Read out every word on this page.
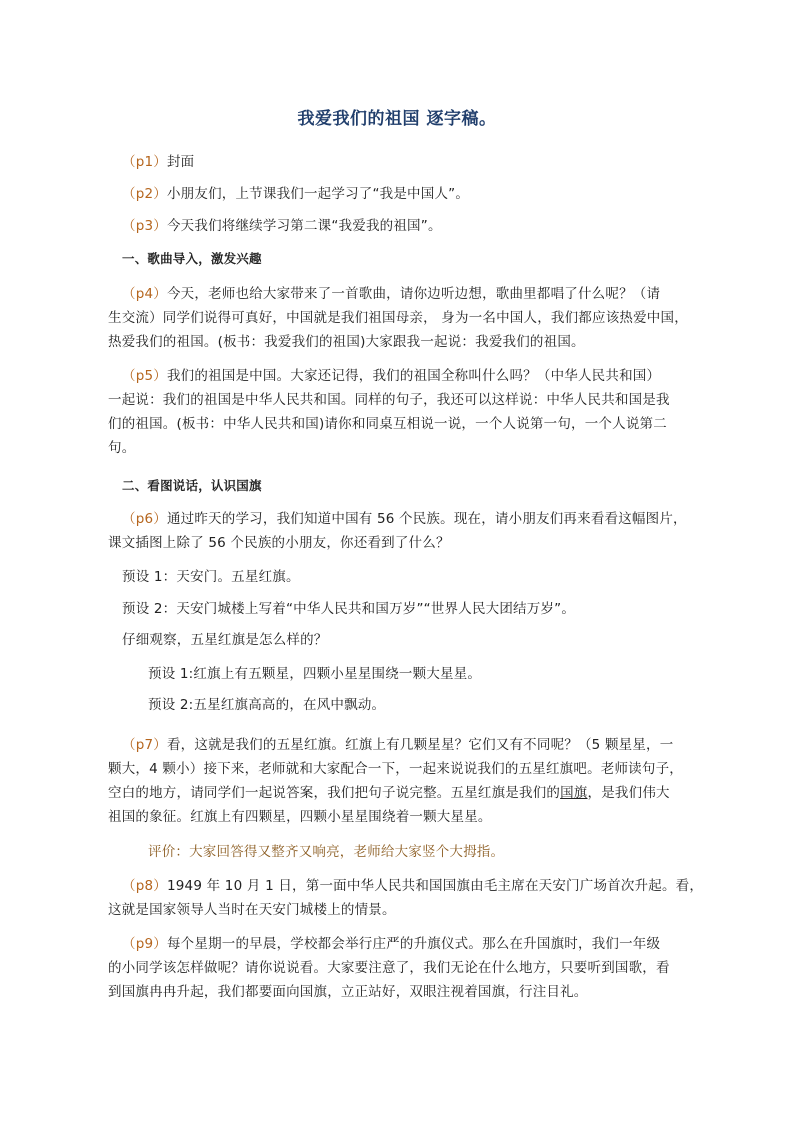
我爱我们的祖国 逐字稿。
（p1）封面
（p2）小朋友们，上节课我们一起学习了“我是中国人”。
（p3）今天我们将继续学习第二课“我爱我的祖国”。
一、歌曲导入，激发兴趣
（p4）今天，老师也给大家带来了一首歌曲，请你边听边想，歌曲里都唱了什么呢？（请
生交流）同学们说得可真好，中国就是我们祖国母亲， 身为一名中国人，我们都应该热爱中国，
热爱我们的祖国。(板书：我爱我们的祖国)大家跟我一起说：我爱我们的祖国。
（p5）我们的祖国是中国。大家还记得，我们的祖国全称叫什么吗？（中华人民共和国）
一起说：我们的祖国是中华人民共和国。同样的句子，我还可以这样说：中华人民共和国是我
们的祖国。(板书：中华人民共和国)请你和同桌互相说一说，一个人说第一句，一个人说第二
句。
二、看图说话，认识国旗
（p6）通过昨天的学习，我们知道中国有 56 个民族。现在，请小朋友们再来看看这幅图片，
课文插图上除了 56 个民族的小朋友，你还看到了什么？
预设 1：天安门。五星红旗。
预设 2：天安门城楼上写着“中华人民共和国万岁”“世界人民大团结万岁”。
仔细观察，五星红旗是怎么样的？
预设 1:红旗上有五颗星，四颗小星星围绕一颗大星星。
预设 2:五星红旗高高的，在风中飘动。
（p7）看，这就是我们的五星红旗。红旗上有几颗星星？它们又有不同呢？（5 颗星星，一
颗大，4 颗小）接下来，老师就和大家配合一下，一起来说说我们的五星红旗吧。老师读句子，
空白的地方，请同学们一起说答案，我们把句子说完整。五星红旗是我们的国旗，是我们伟大
祖国的象征。红旗上有四颗星，四颗小星星围绕着一颗大星星。
评价：大家回答得又整齐又响亮，老师给大家竖个大拇指。
（p8）1949 年 10 月 1 日，第一面中华人民共和国国旗由毛主席在天安门广场首次升起。看，
这就是国家领导人当时在天安门城楼上的情景。
（p9）每个星期一的早晨，学校都会举行庄严的升旗仪式。那么在升国旗时，我们一年级
的小同学该怎样做呢？请你说说看。大家要注意了，我们无论在什么地方，只要听到国歌，看
到国旗冉冉升起，我们都要面向国旗，立正站好，双眼注视着国旗，行注目礼。
